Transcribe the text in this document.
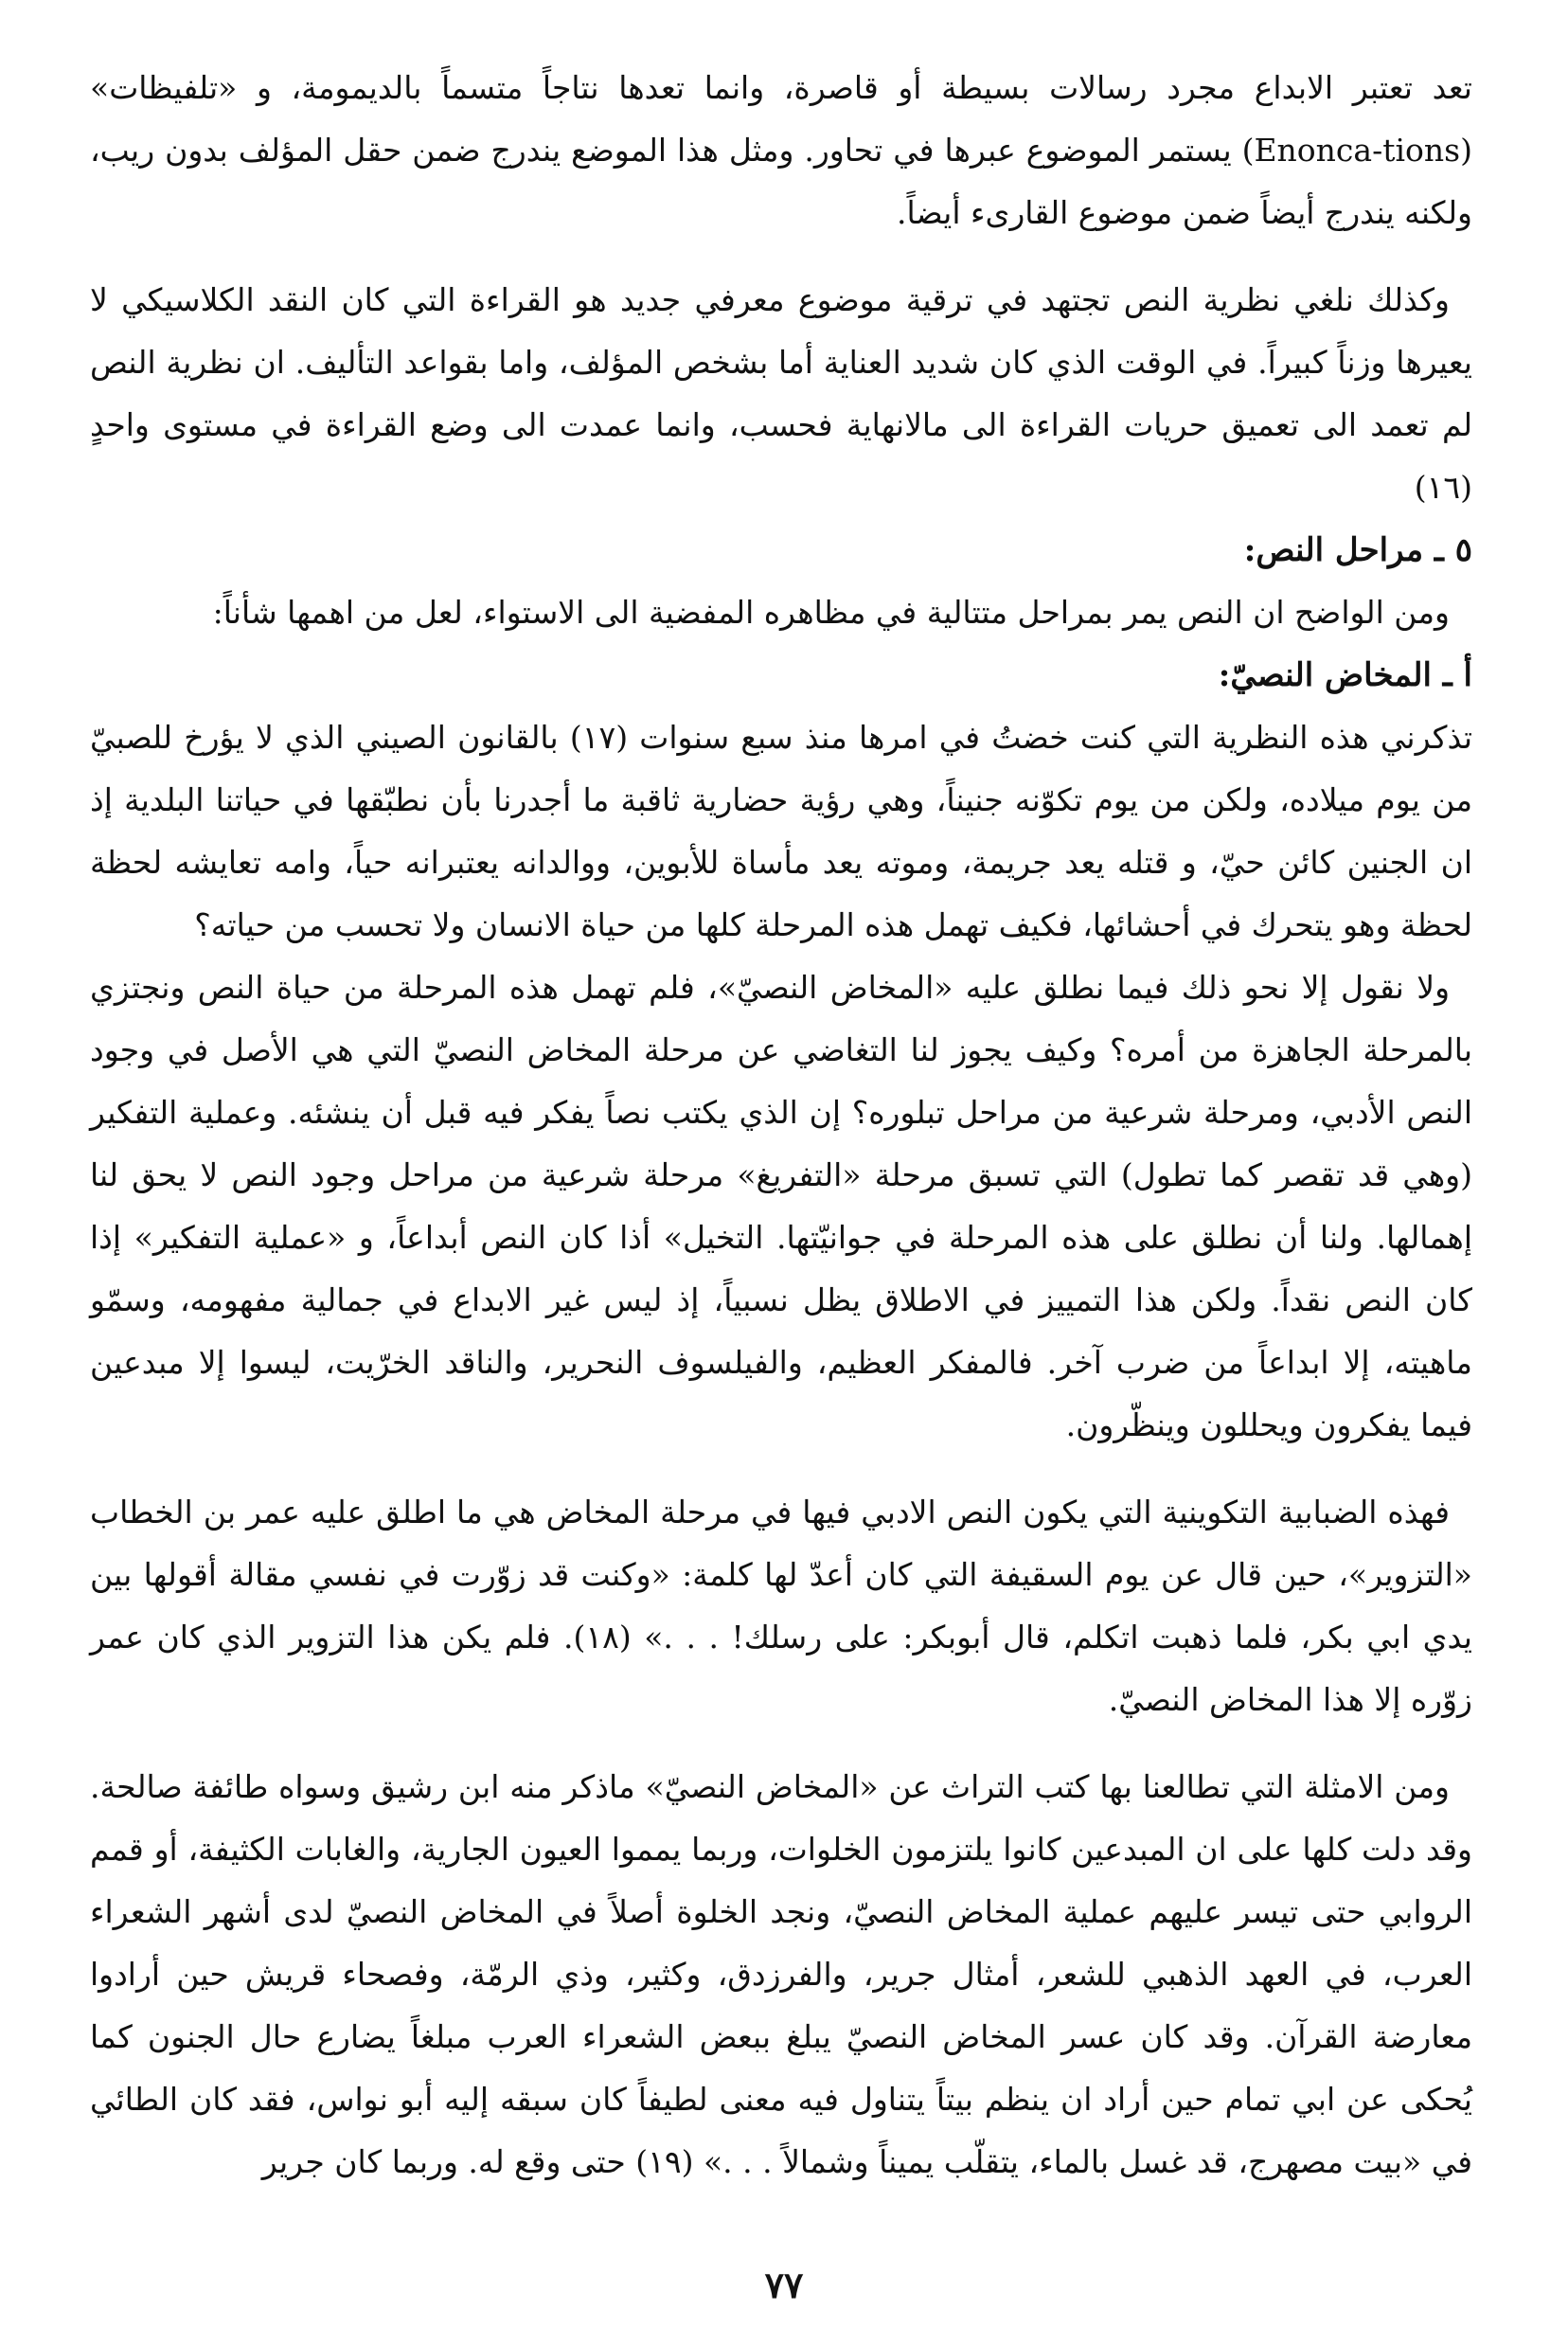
تعد تعتبر الابداع مجرد رسالات بسيطة أو قاصرة، وانما تعدها نتاجاً متسماً بالديمومة، و «تلفيظات» (Enonca-tions) يستمر الموضوع عبرها في تحاور. ومثل هذا الموضع يندرج ضمن حقل المؤلف بدون ريب، ولكنه يندرج أيضاً ضمن موضوع القارىء أيضاً.

وكذلك نلغي نظرية النص تجتهد في ترقية موضوع معرفي جديد هو القراءة التي كان النقد الكلاسيكي لا يعيرها وزناً كبيراً. في الوقت الذي كان شديد العناية أما بشخص المؤلف، واما بقواعد التأليف. ان نظرية النص لم تعمد الى تعميق حريات القراءة الى مالانهاية فحسب، وانما عمدت الى وضع القراءة في مستوى واحدٍ (١٦)

٥ ـ مراحل النص:

ومن الواضح ان النص يمر بمراحل متتالية في مظاهره المفضية الى الاستواء، لعل من اهمها شأناً:

أ ـ المخاض النصيّ:

تذكرني هذه النظرية التي كنت خضتُ في امرها منذ سبع سنوات (١٧) بالقانون الصيني الذي لا يؤرخ للصبيّ من يوم ميلاده، ولكن من يوم تكوّنه جنيناً، وهي رؤية حضارية ثاقبة ما أجدرنا بأن نطبّقها في حياتنا البلدية إذ ان الجنين كائن حيّ، و قتله يعد جريمة، وموته يعد مأساة للأبوين، ووالدانه يعتبرانه حياً، وامه تعايشه لحظة لحظة وهو يتحرك في أحشائها، فكيف تهمل هذه المرحلة كلها من حياة الانسان ولا تحسب من حياته؟

ولا نقول إلا نحو ذلك فيما نطلق عليه «المخاض النصيّ»، فلم تهمل هذه المرحلة من حياة النص ونجتزي بالمرحلة الجاهزة من أمره؟ وكيف يجوز لنا التغاضي عن مرحلة المخاض النصيّ التي هي الأصل في وجود النص الأدبي، ومرحلة شرعية من مراحل تبلوره؟ إن الذي يكتب نصاً يفكر فيه قبل أن ينشئه. وعملية التفكير (وهي قد تقصر كما تطول) التي تسبق مرحلة «التفريغ» مرحلة شرعية من مراحل وجود النص لا يحق لنا إهمالها. ولنا أن نطلق على هذه المرحلة في جوانيّتها. التخيل» أذا كان النص أبداعاً، و «عملية التفكير» إذا كان النص نقداً. ولكن هذا التمييز في الاطلاق يظل نسبياً، إذ ليس غير الابداع في جمالية مفهومه، وسمّو ماهيته، إلا ابداعاً من ضرب آخر. فالمفكر العظيم، والفيلسوف النحرير، والناقد الخرّيت، ليسوا إلا مبدعين فيما يفكرون ويحللون وينظّرون.

فهذه الضبابية التكوينية التي يكون النص الادبي فيها في مرحلة المخاض هي ما اطلق عليه عمر بن الخطاب «التزوير»، حين قال عن يوم السقيفة التي كان أعدّ لها كلمة: «وكنت قد زوّرت في نفسي مقالة أقولها بين يدي ابي بكر، فلما ذهبت اتكلم، قال أبوبكر: على رسلك! . . .» (١٨). فلم يكن هذا التزوير الذي كان عمر زوّره إلا هذا المخاض النصيّ.

ومن الامثلة التي تطالعنا بها كتب التراث عن «المخاض النصيّ» ماذكر منه ابن رشيق وسواه طائفة صالحة. وقد دلت كلها على ان المبدعين كانوا يلتزمون الخلوات، وربما يمموا العيون الجارية، والغابات الكثيفة، أو قمم الروابي حتى تيسر عليهم عملية المخاض النصيّ، ونجد الخلوة أصلاً في المخاض النصيّ لدى أشهر الشعراء العرب، في العهد الذهبي للشعر، أمثال جرير، والفرزدق، وكثير، وذي الرمّة، وفصحاء قريش حين أرادوا معارضة القرآن. وقد كان عسر المخاض النصيّ يبلغ ببعض الشعراء العرب مبلغاً يضارع حال الجنون كما يُحكى عن ابي تمام حين أراد ان ينظم بيتاً يتناول فيه معنى لطيفاً كان سبقه إليه أبو نواس، فقد كان الطائي في «بيت مصهرج، قد غسل بالماء، يتقلّب يميناً وشمالاً . . .» (١٩) حتى وقع له. وربما كان جرير

٧٧
